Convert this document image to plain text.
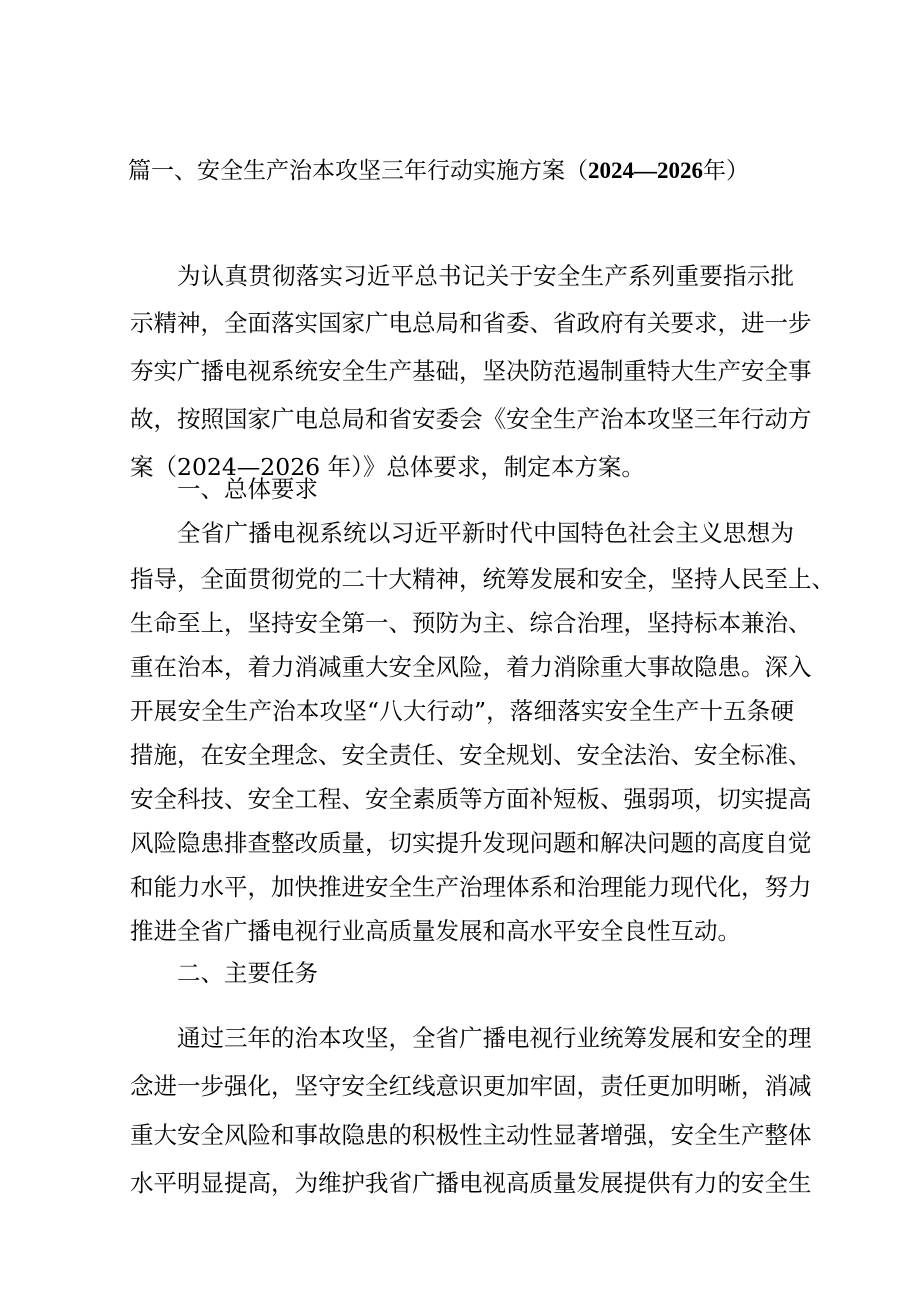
篇一、安全生产治本攻坚三年行动实施方案（2024—2026年）
为认真贯彻落实习近平总书记关于安全生产系列重要指示批
示精神，全面落实国家广电总局和省委、省政府有关要求，进一步
夯实广播电视系统安全生产基础，坚决防范遏制重特大生产安全事
故，按照国家广电总局和省安委会《安全生产治本攻坚三年行动方
案（2024—2026 年）》总体要求，制定本方案。
一、总体要求
全省广播电视系统以习近平新时代中国特色社会主义思想为
指导，全面贯彻党的二十大精神，统筹发展和安全，坚持人民至上、
生命至上，坚持安全第一、预防为主、综合治理，坚持标本兼治、
重在治本，着力消减重大安全风险，着力消除重大事故隐患。深入
开展安全生产治本攻坚“八大行动”，落细落实安全生产十五条硬
措施，在安全理念、安全责任、安全规划、安全法治、安全标准、
安全科技、安全工程、安全素质等方面补短板、强弱项，切实提高
风险隐患排查整改质量，切实提升发现问题和解决问题的高度自觉
和能力水平，加快推进安全生产治理体系和治理能力现代化，努力
推进全省广播电视行业高质量发展和高水平安全良性互动。
二、主要任务
通过三年的治本攻坚，全省广播电视行业统筹发展和安全的理
念进一步强化，坚守安全红线意识更加牢固，责任更加明晰，消减
重大安全风险和事故隐患的积极性主动性显著增强，安全生产整体
水平明显提高，为维护我省广播电视高质量发展提供有力的安全生
